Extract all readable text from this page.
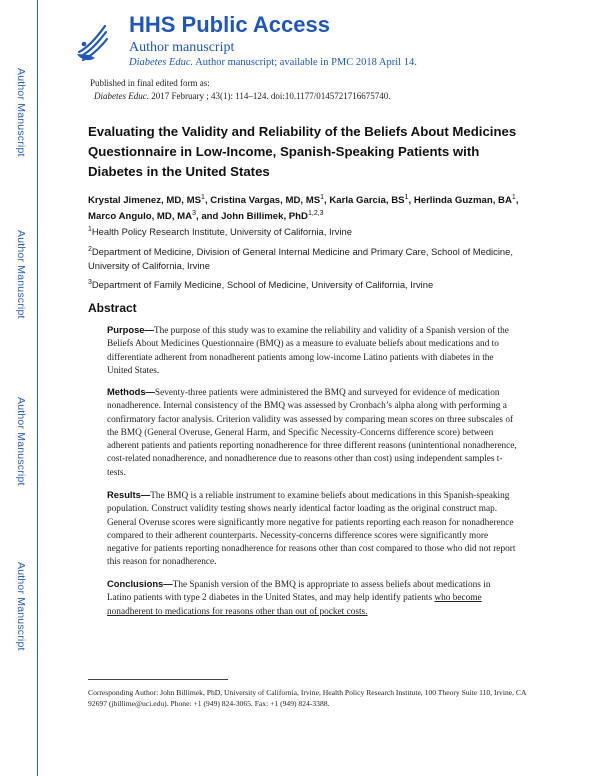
Author Manuscript
Author Manuscript
Author Manuscript
Author Manuscript
HHS Public Access
Author manuscript
Diabetes Educ. Author manuscript; available in PMC 2018 April 14.
Published in final edited form as:
Diabetes Educ. 2017 February ; 43(1): 114–124. doi:10.1177/0145721716675740.
Evaluating the Validity and Reliability of the Beliefs About Medicines Questionnaire in Low-Income, Spanish-Speaking Patients with Diabetes in the United States
Krystal Jimenez, MD, $MS^1$, Cristina Vargas, MD, $MS^1$, Karla Garcia, $BS^1$, Herlinda Guzman, $BA^1$, Marco Angulo, MD, $MA^3$, and John Billimek, PhD$^{1,2,3}$
$^1$Health Policy Research Institute, University of California, Irvine
$^2$Department of Medicine, Division of General Internal Medicine and Primary Care, School of Medicine, University of California, Irvine
$^3$Department of Family Medicine, School of Medicine, University of California, Irvine
Abstract
Purpose—The purpose of this study was to examine the reliability and validity of a Spanish version of the Beliefs About Medicines Questionnaire (BMQ) as a measure to evaluate beliefs about medications and to differentiate adherent from nonadherent patients among low-income Latino patients with diabetes in the United States.
Methods—Seventy-three patients were administered the BMQ and surveyed for evidence of medication nonadherence. Internal consistency of the BMQ was assessed by Cronbach’s alpha along with performing a confirmatory factor analysis. Criterion validity was assessed by comparing mean scores on three subscales of the BMQ (General Overuse, General Harm, and Specific Necessity-Concerns difference score) between adherent patients and patients reporting nonadherence for three different reasons (unintentional nonadherence, cost-related nonadherence, and nonadherence due to reasons other than cost) using independent samples t-tests.
Results—The BMQ is a reliable instrument to examine beliefs about medications in this Spanish-speaking population. Construct validity testing shows nearly identical factor loading as the original construct map. General Overuse scores were significantly more negative for patients reporting each reason for nonadherence compared to their adherent counterparts. Necessity-concerns difference scores were significantly more negative for patients reporting nonadherence for reasons other than cost compared to those who did not report this reason for nonadherence.
Conclusions—The Spanish version of the BMQ is appropriate to assess beliefs about medications in Latino patients with type 2 diabetes in the United States, and may help identify patients who become nonadherent to medications for reasons other than out of pocket costs.
Corresponding Author: John Billimek, PhD, University of California, Irvine, Health Policy Research Institute, 100 Theory Suite 110, Irvine, CA 92697 (jbillime@uci.edu). Phone: +1 (949) 824-3065. Fax: +1 (949) 824-3388.
